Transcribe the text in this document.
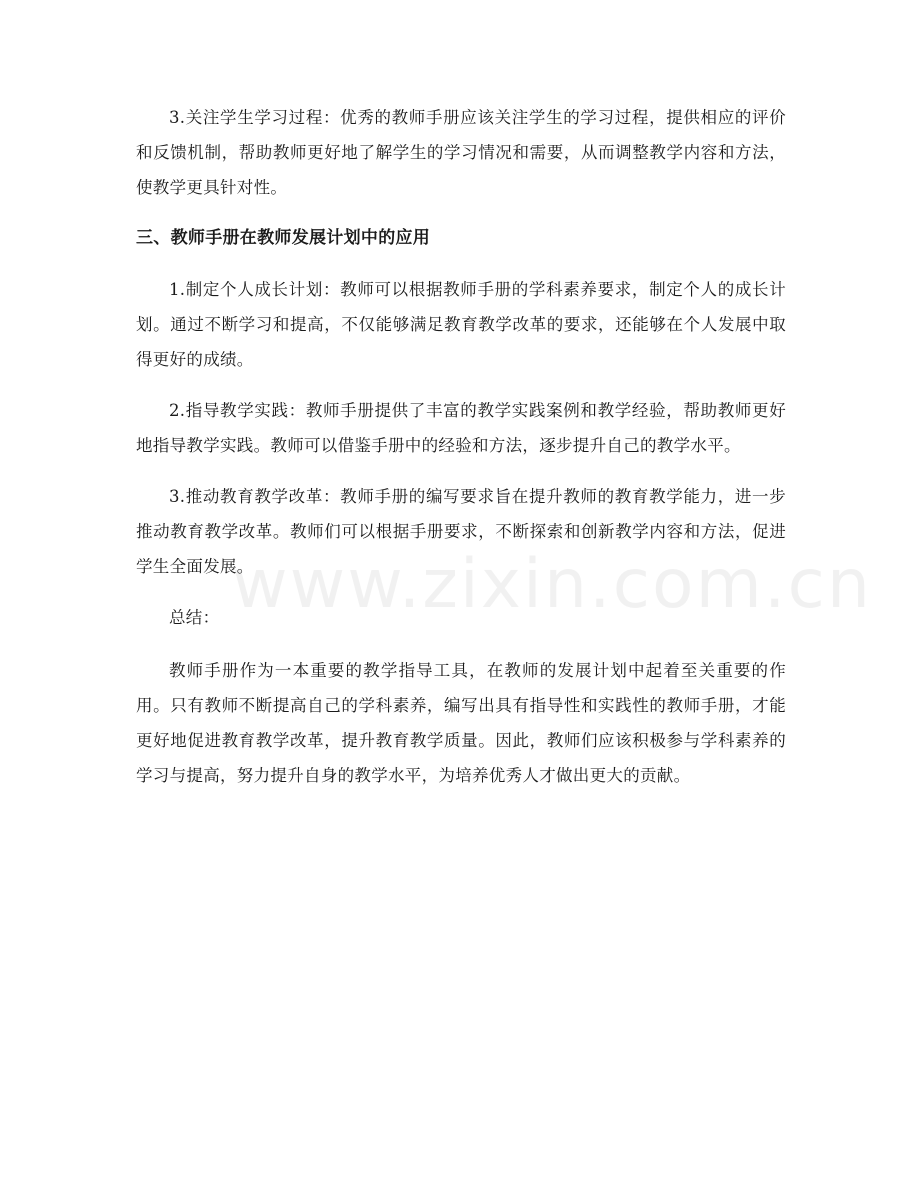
3.关注学生学习过程：优秀的教师手册应该关注学生的学习过程，提供相应的评价和反馈机制，帮助教师更好地了解学生的学习情况和需要，从而调整教学内容和方法，使教学更具针对性。

三、教师手册在教师发展计划中的应用

1.制定个人成长计划：教师可以根据教师手册的学科素养要求，制定个人的成长计划。通过不断学习和提高，不仅能够满足教育教学改革的要求，还能够在个人发展中取得更好的成绩。

2.指导教学实践：教师手册提供了丰富的教学实践案例和教学经验，帮助教师更好地指导教学实践。教师可以借鉴手册中的经验和方法，逐步提升自己的教学水平。

3.推动教育教学改革：教师手册的编写要求旨在提升教师的教育教学能力，进一步推动教育教学改革。教师们可以根据手册要求，不断探索和创新教学内容和方法，促进学生全面发展。

总结：

教师手册作为一本重要的教学指导工具，在教师的发展计划中起着至关重要的作用。只有教师不断提高自己的学科素养，编写出具有指导性和实践性的教师手册，才能更好地促进教育教学改革，提升教育教学质量。因此，教师们应该积极参与学科素养的学习与提高，努力提升自身的教学水平，为培养优秀人才做出更大的贡献。

www.zixin.com.cn
